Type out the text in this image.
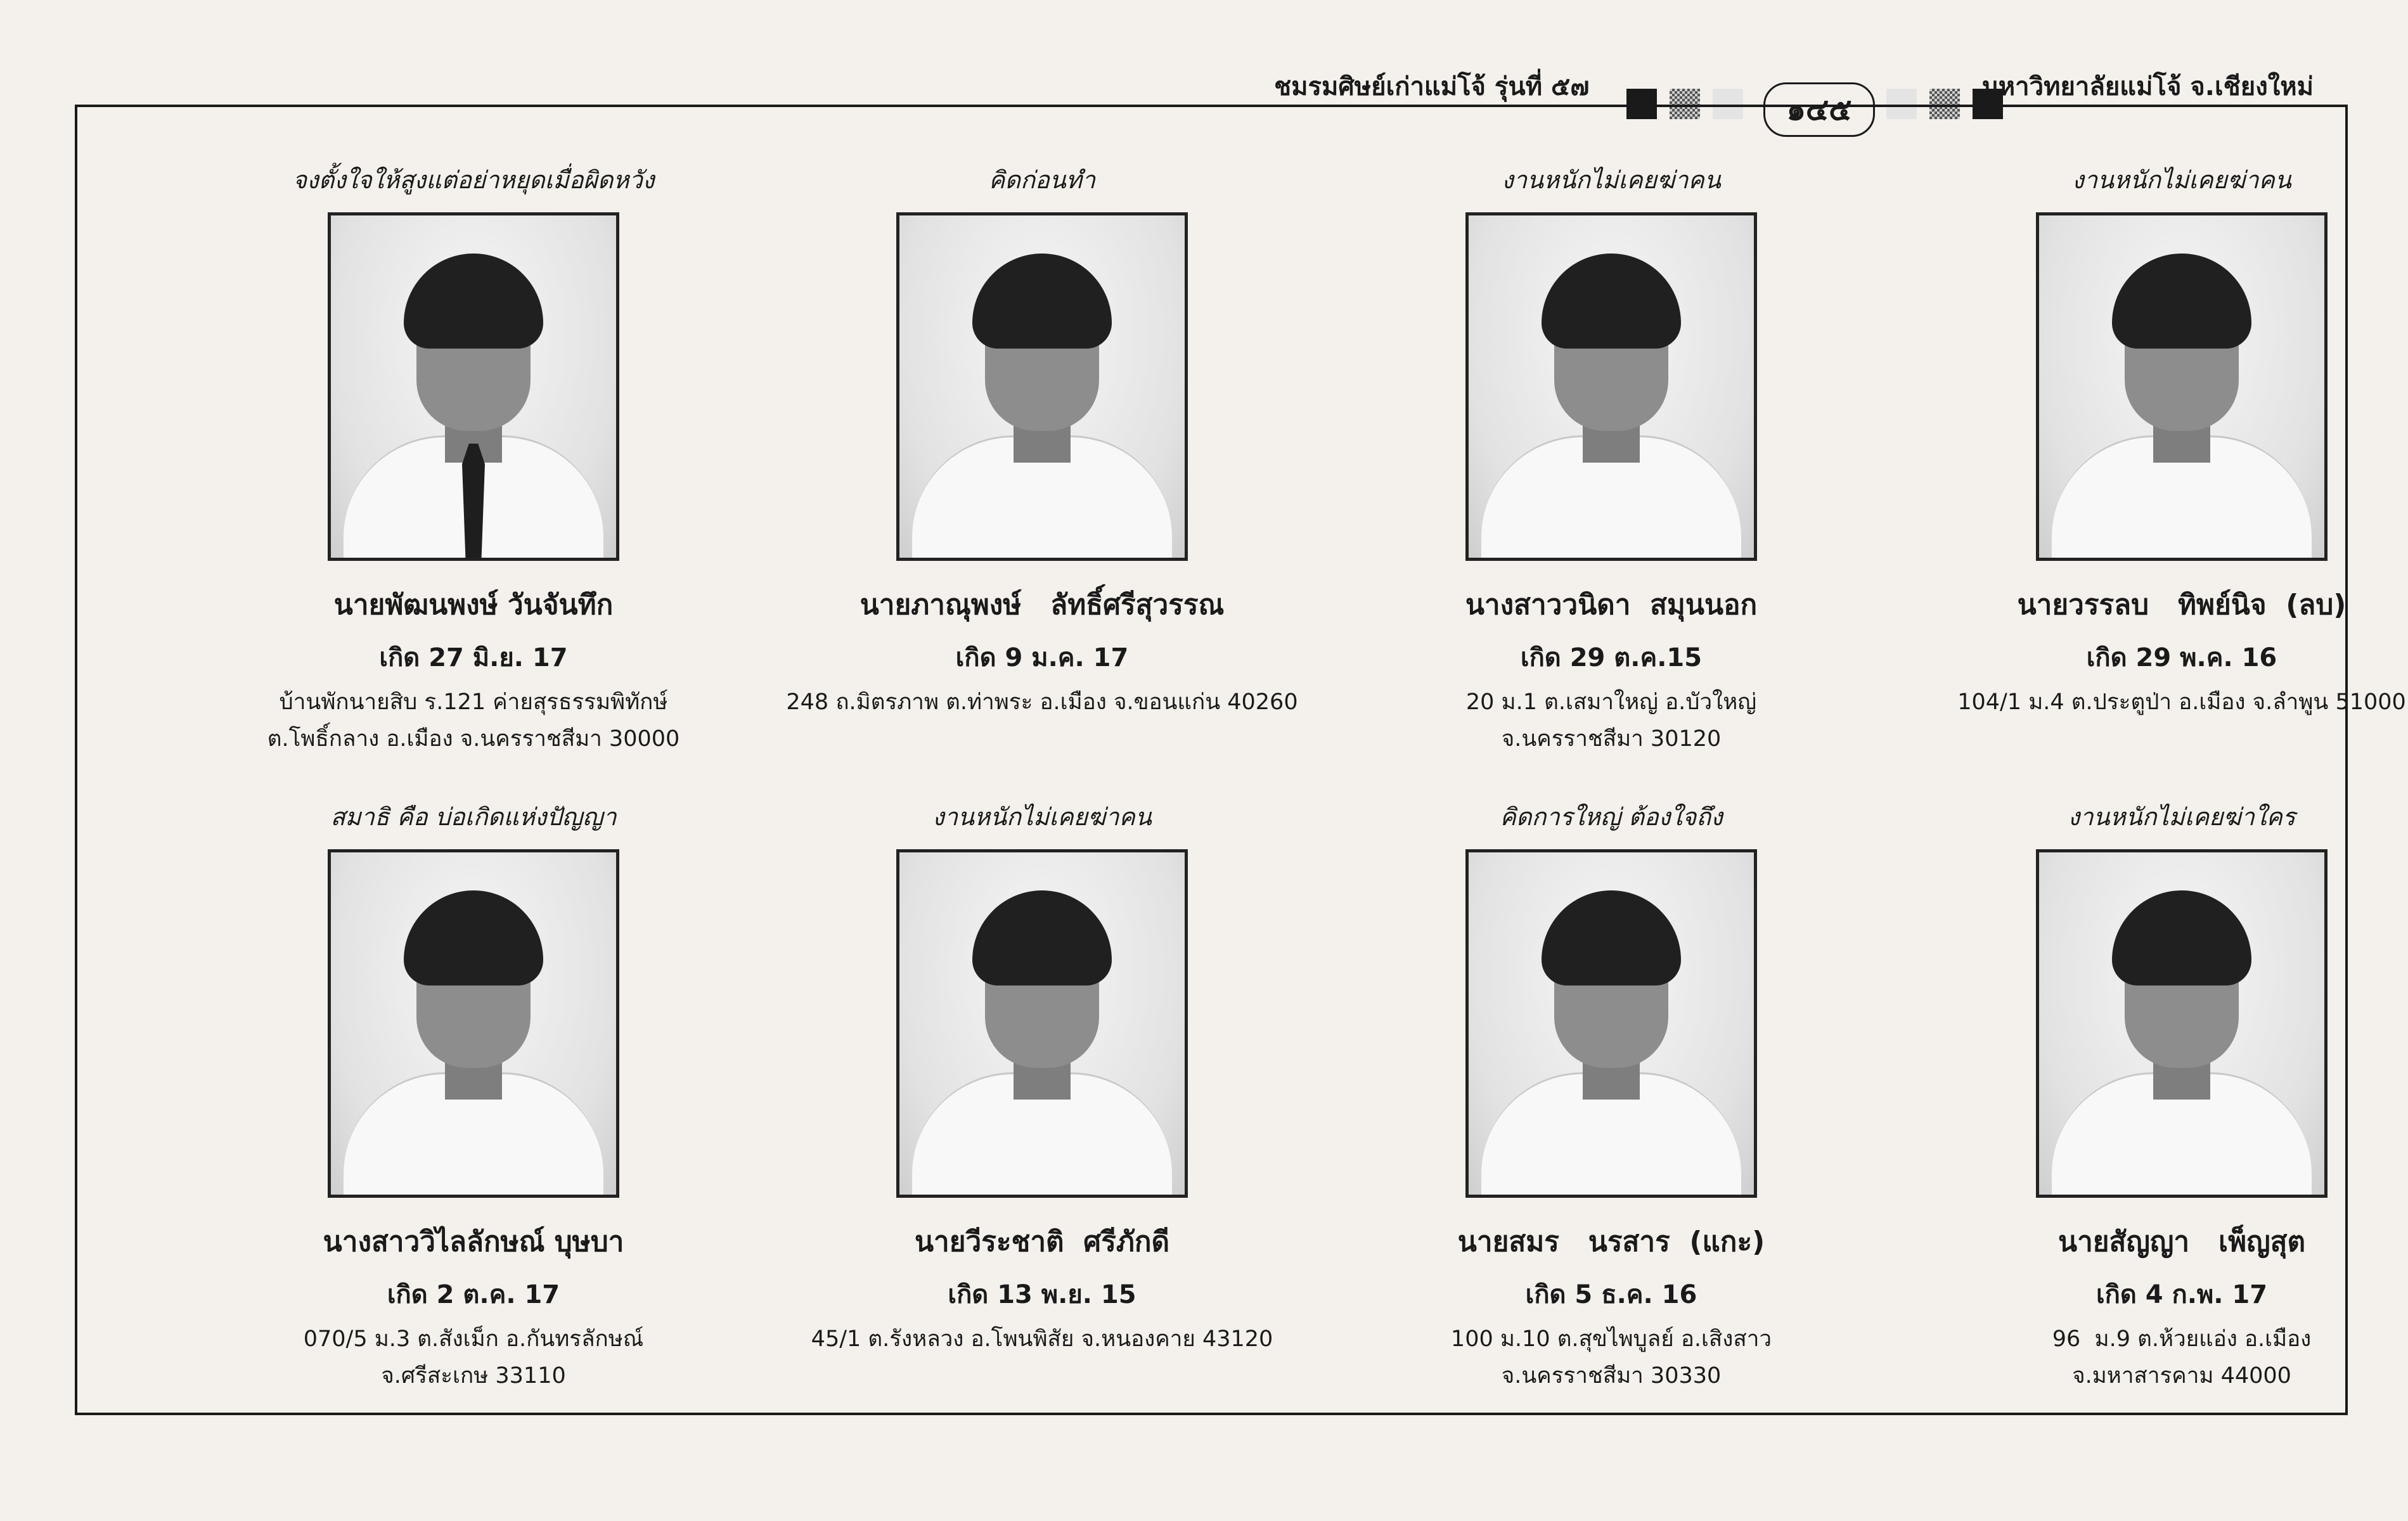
ชมรมศิษย์เก่าแม่โจ้ รุ่นที่ ๕๗	มหาวิทยาลัยแม่โจ้ จ.เชียงใหม่
๑๔๕
จงตั้งใจให้สูงแต่อย่าหยุดเมื่อผิดหวัง
นายพัฒนพงษ์ วันจันทึก
เกิด 27 มิ.ย. 17
บ้านพักนายสิบ ร.121 ค่ายสุรธรรมพิทักษ์
ต.โพธิ์กลาง อ.เมือง จ.นครราชสีมา 30000
คิดก่อนทำ
นายภาณุพงษ์   ลัทธิ์ศรีสุวรรณ
เกิด 9 ม.ค. 17
248 ถ.มิตรภาพ ต.ท่าพระ อ.เมือง จ.ขอนแก่น 40260
งานหนักไม่เคยฆ่าคน
นางสาววนิดา  สมุนนอก
เกิด 29 ต.ค.15
20 ม.1 ต.เสมาใหญ่ อ.บัวใหญ่
จ.นครราชสีมา 30120
งานหนักไม่เคยฆ่าคน
นายวรรลบ   ทิพย์นิจ  (ลบ)
เกิด 29 พ.ค. 16
104/1 ม.4 ต.ประตูป่า อ.เมือง จ.ลำพูน 51000
สมาธิ คือ บ่อเกิดแห่งปัญญา
นางสาววิไลลักษณ์ บุษบา
เกิด 2 ต.ค. 17
070/5 ม.3 ต.สังเม็ก อ.กันทรลักษณ์
จ.ศรีสะเกษ 33110
งานหนักไม่เคยฆ่าคน
นายวีระชาติ  ศรีภักดี
เกิด 13 พ.ย. 15
45/1 ต.รังหลวง อ.โพนพิสัย จ.หนองคาย 43120
คิดการใหญ่ ต้องใจถึง
นายสมร   นรสาร  (แกะ)
เกิด 5 ธ.ค. 16
100 ม.10 ต.สุขไพบูลย์ อ.เสิงสาว
จ.นครราชสีมา 30330
งานหนักไม่เคยฆ่าใคร
นายสัญญา   เพ็ญสุต
เกิด 4 ก.พ. 17
96  ม.9 ต.ห้วยแอ่ง อ.เมือง
จ.มหาสารคาม 44000
